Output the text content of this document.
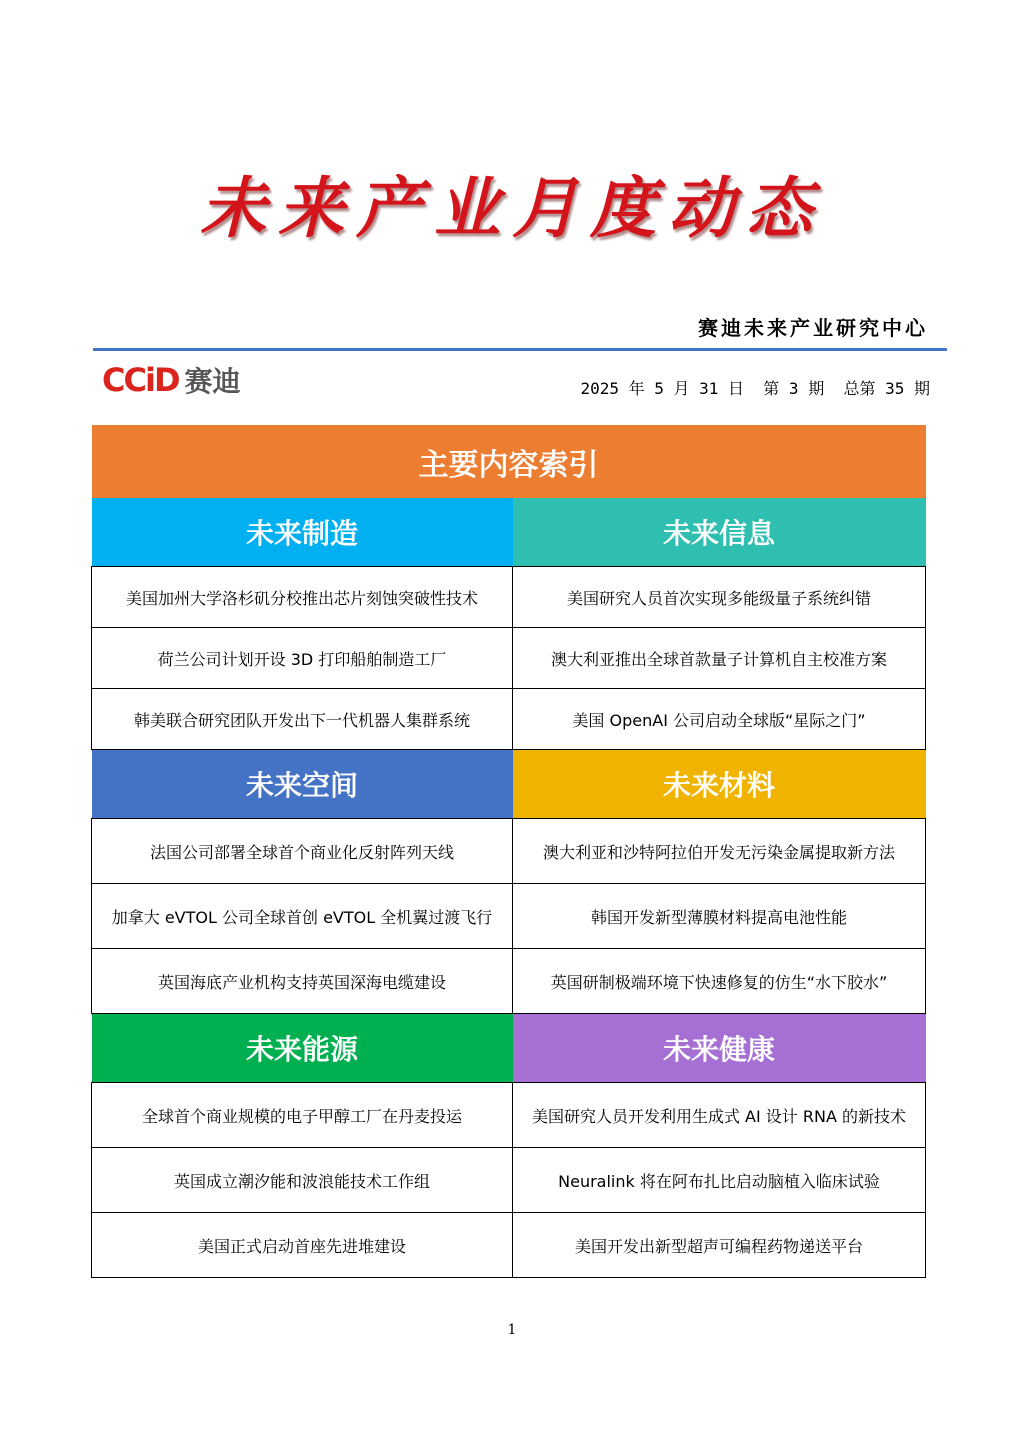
未来产业月度动态
赛迪未来产业研究中心
CCiD 赛迪	2025 年 5 月 31 日  第 3 期  总第 35 期
主要内容索引	
未来制造	未来信息
美国加州大学洛杉矶分校推出芯片刻蚀突破性技术	美国研究人员首次实现多能级量子系统纠错
荷兰公司计划开设 3D 打印船舶制造工厂	澳大利亚推出全球首款量子计算机自主校准方案
韩美联合研究团队开发出下一代机器人集群系统	美国 OpenAI 公司启动全球版“星际之门”
未来空间	未来材料
法国公司部署全球首个商业化反射阵列天线	澳大利亚和沙特阿拉伯开发无污染金属提取新方法
加拿大 eVTOL 公司全球首创 eVTOL 全机翼过渡飞行	韩国开发新型薄膜材料提高电池性能
英国海底产业机构支持英国深海电缆建设	英国研制极端环境下快速修复的仿生“水下胶水”
未来能源	未来健康
全球首个商业规模的电子甲醇工厂在丹麦投运	美国研究人员开发利用生成式 AI 设计 RNA 的新技术
英国成立潮汐能和波浪能技术工作组	Neuralink 将在阿布扎比启动脑植入临床试验
美国正式启动首座先进堆建设	美国开发出新型超声可编程药物递送平台
1
